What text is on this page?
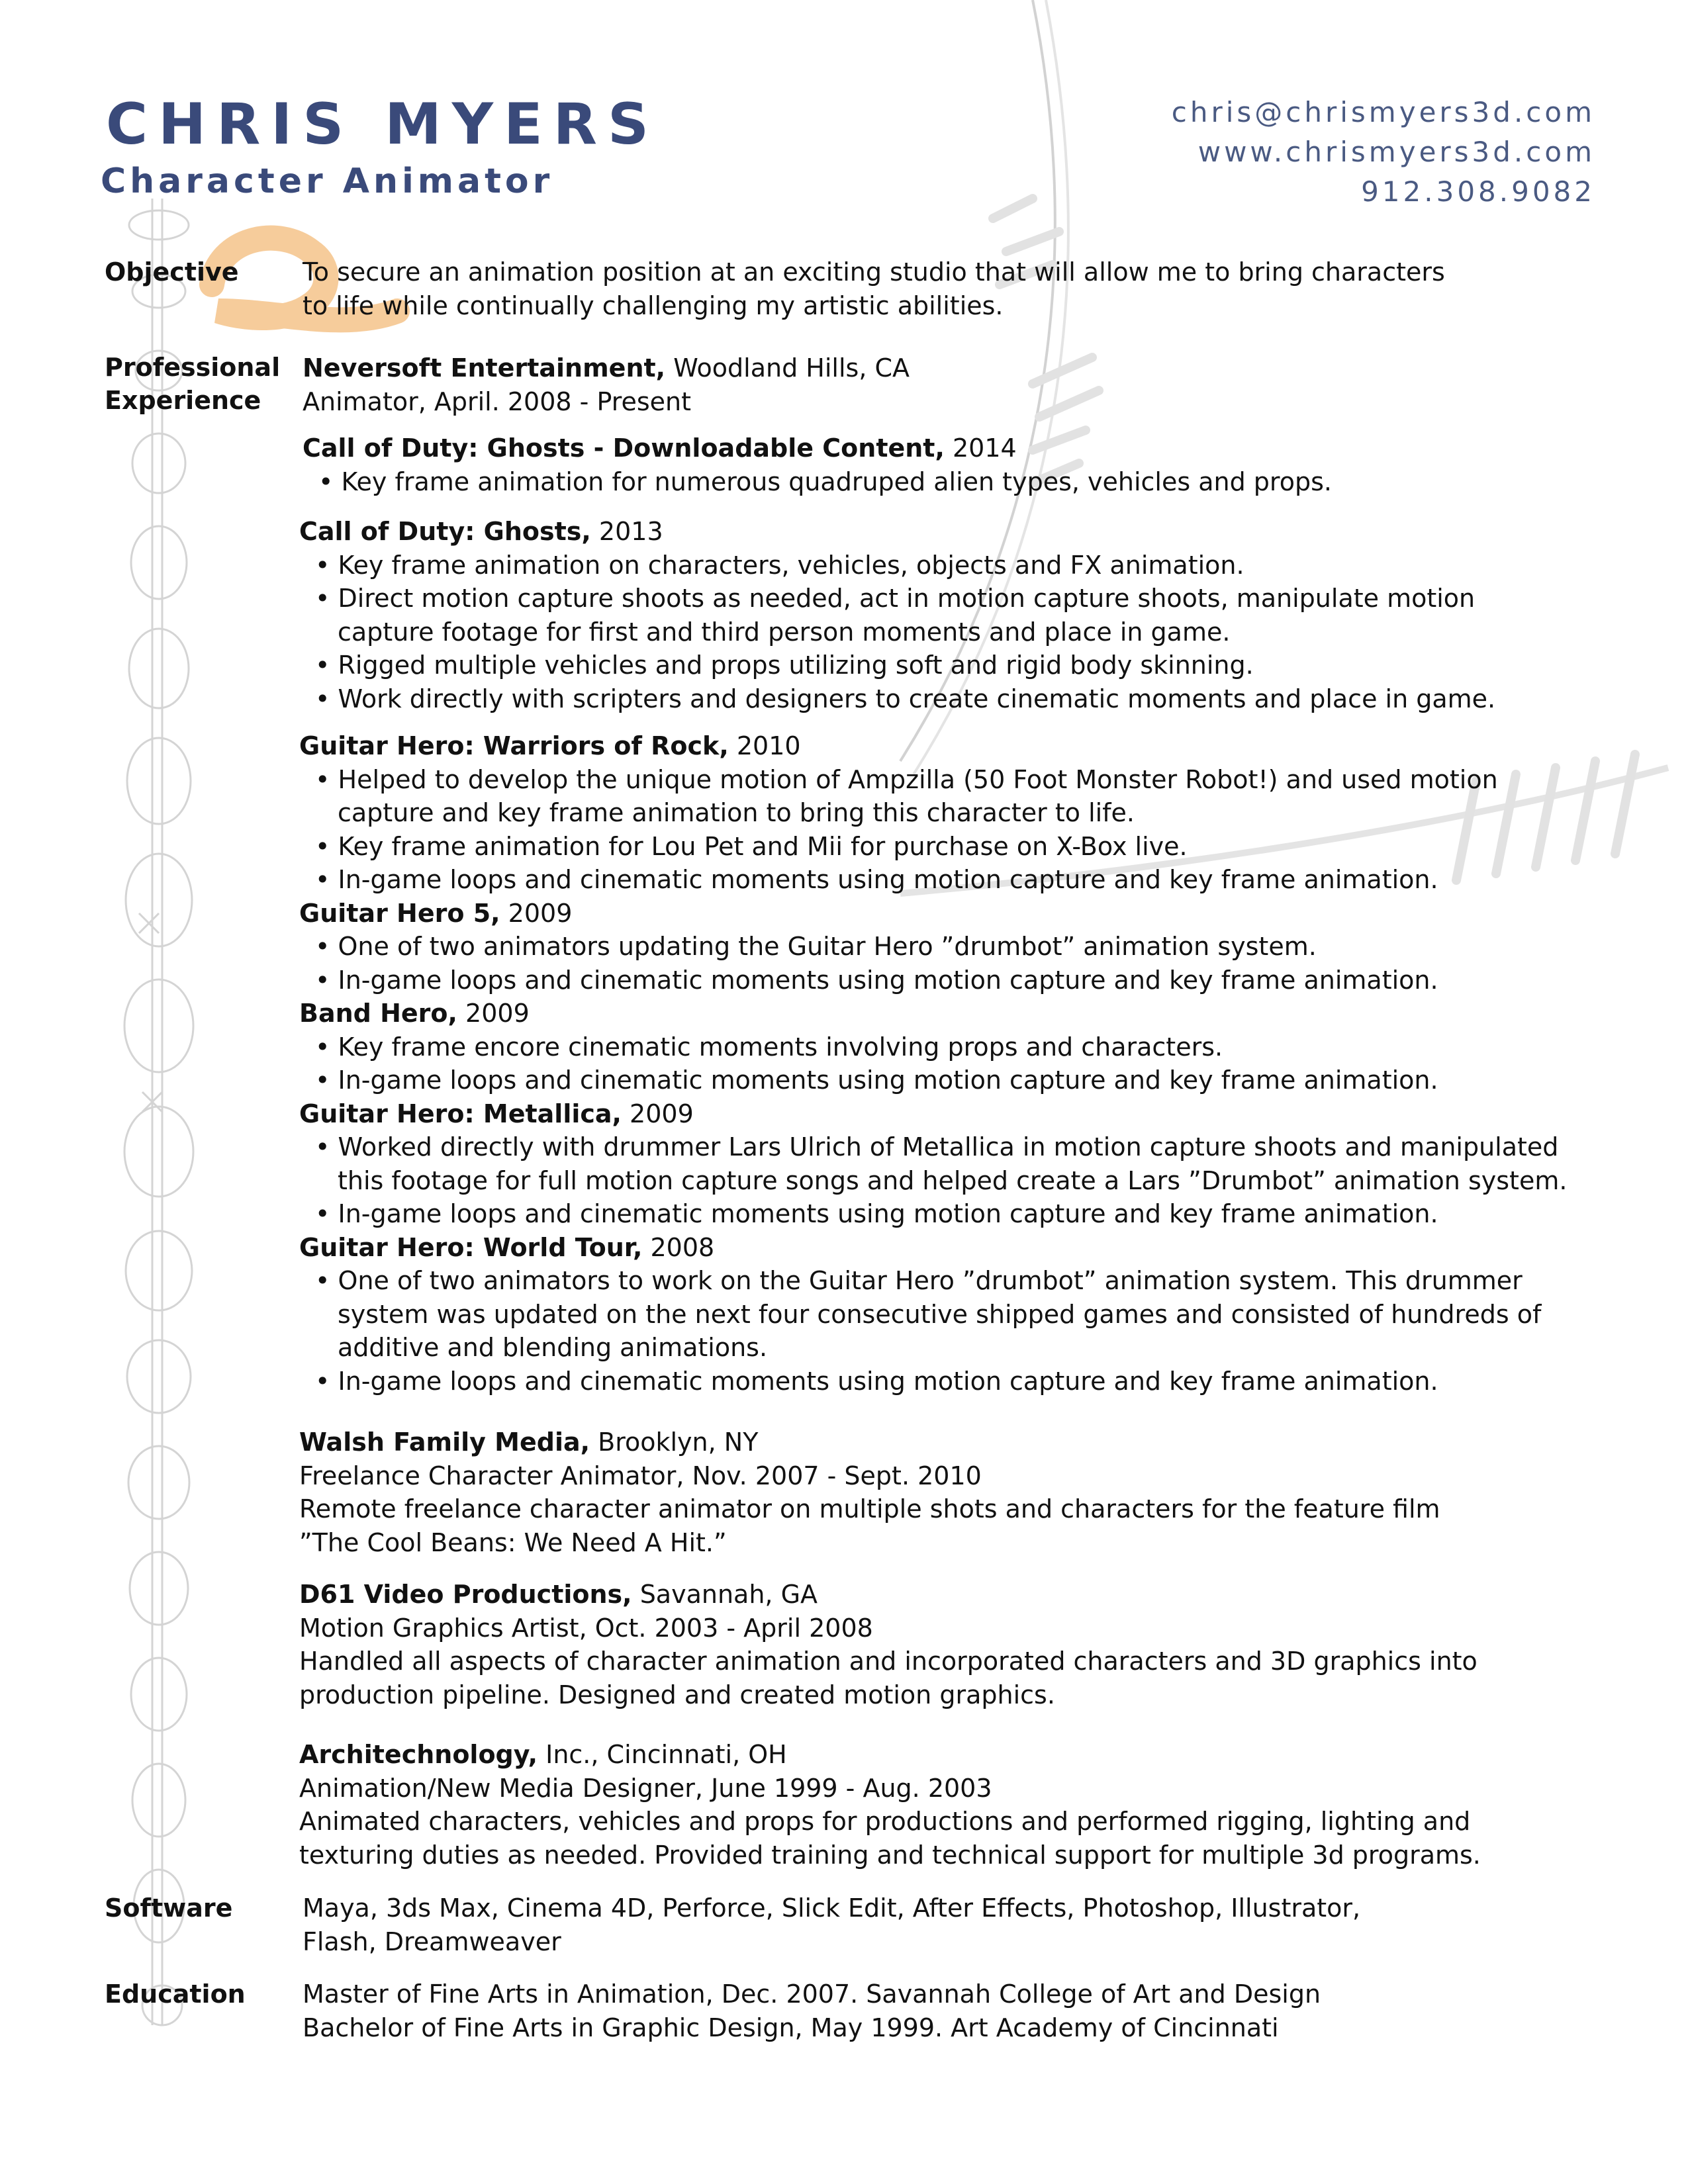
CHRIS MYERS
Character Animator
chris@chrismyers3d.com
www.chrismyers3d.com
912.308.9082
Objective	To secure an animation position at an exciting studio that will allow me to bring characters
to life while continually challenging my artistic abilities.
Professional
Experience
Neversoft Entertainment, Woodland Hills, CA
Animator, April. 2008 - Present
Call of Duty: Ghosts - Downloadable Content, 2014
• Key frame animation for numerous quadruped alien types, vehicles and props.
Call of Duty: Ghosts, 2013
• Key frame animation on characters, vehicles, objects and FX animation.
• Direct motion capture shoots as needed, act in motion capture shoots, manipulate motion
capture footage for first and third person moments and place in game.
• Rigged multiple vehicles and props utilizing soft and rigid body skinning.
• Work directly with scripters and designers to create cinematic moments and place in game.
Guitar Hero: Warriors of Rock, 2010
• Helped to develop the unique motion of Ampzilla (50 Foot Monster Robot!) and used motion
capture and key frame animation to bring this character to life.
• Key frame animation for Lou Pet and Mii for purchase on X-Box live.
• In-game loops and cinematic moments using motion capture and key frame animation.
Guitar Hero 5, 2009
• One of two animators updating the Guitar Hero ”drumbot” animation system.
• In-game loops and cinematic moments using motion capture and key frame animation.
Band Hero, 2009
• Key frame encore cinematic moments involving props and characters.
• In-game loops and cinematic moments using motion capture and key frame animation.
Guitar Hero: Metallica, 2009
• Worked directly with drummer Lars Ulrich of Metallica in motion capture shoots and manipulated
this footage for full motion capture songs and helped create a Lars ”Drumbot” animation system.
• In-game loops and cinematic moments using motion capture and key frame animation.
Guitar Hero: World Tour, 2008
• One of two animators to work on the Guitar Hero ”drumbot” animation system. This drummer
system was updated on the next four consecutive shipped games and consisted of hundreds of
additive and blending animations.
• In-game loops and cinematic moments using motion capture and key frame animation.
Walsh Family Media, Brooklyn, NY
Freelance Character Animator, Nov. 2007 - Sept. 2010
Remote freelance character animator on multiple shots and characters for the feature film
”The Cool Beans: We Need A Hit.”
D61 Video Productions, Savannah, GA
Motion Graphics Artist, Oct. 2003 - April 2008
Handled all aspects of character animation and incorporated characters and 3D graphics into
production pipeline. Designed and created motion graphics.
Architechnology, Inc., Cincinnati, OH
Animation/New Media Designer, June 1999 - Aug. 2003
Animated characters, vehicles and props for productions and performed rigging, lighting and
texturing duties as needed. Provided training and technical support for multiple 3d programs.
Software	Maya, 3ds Max, Cinema 4D, Perforce, Slick Edit, After Effects, Photoshop, Illustrator,
Flash, Dreamweaver
Education Master of Fine Arts in Animation, Dec. 2007. Savannah College of Art and Design
Bachelor of Fine Arts in Graphic Design, May 1999. Art Academy of Cincinnati
